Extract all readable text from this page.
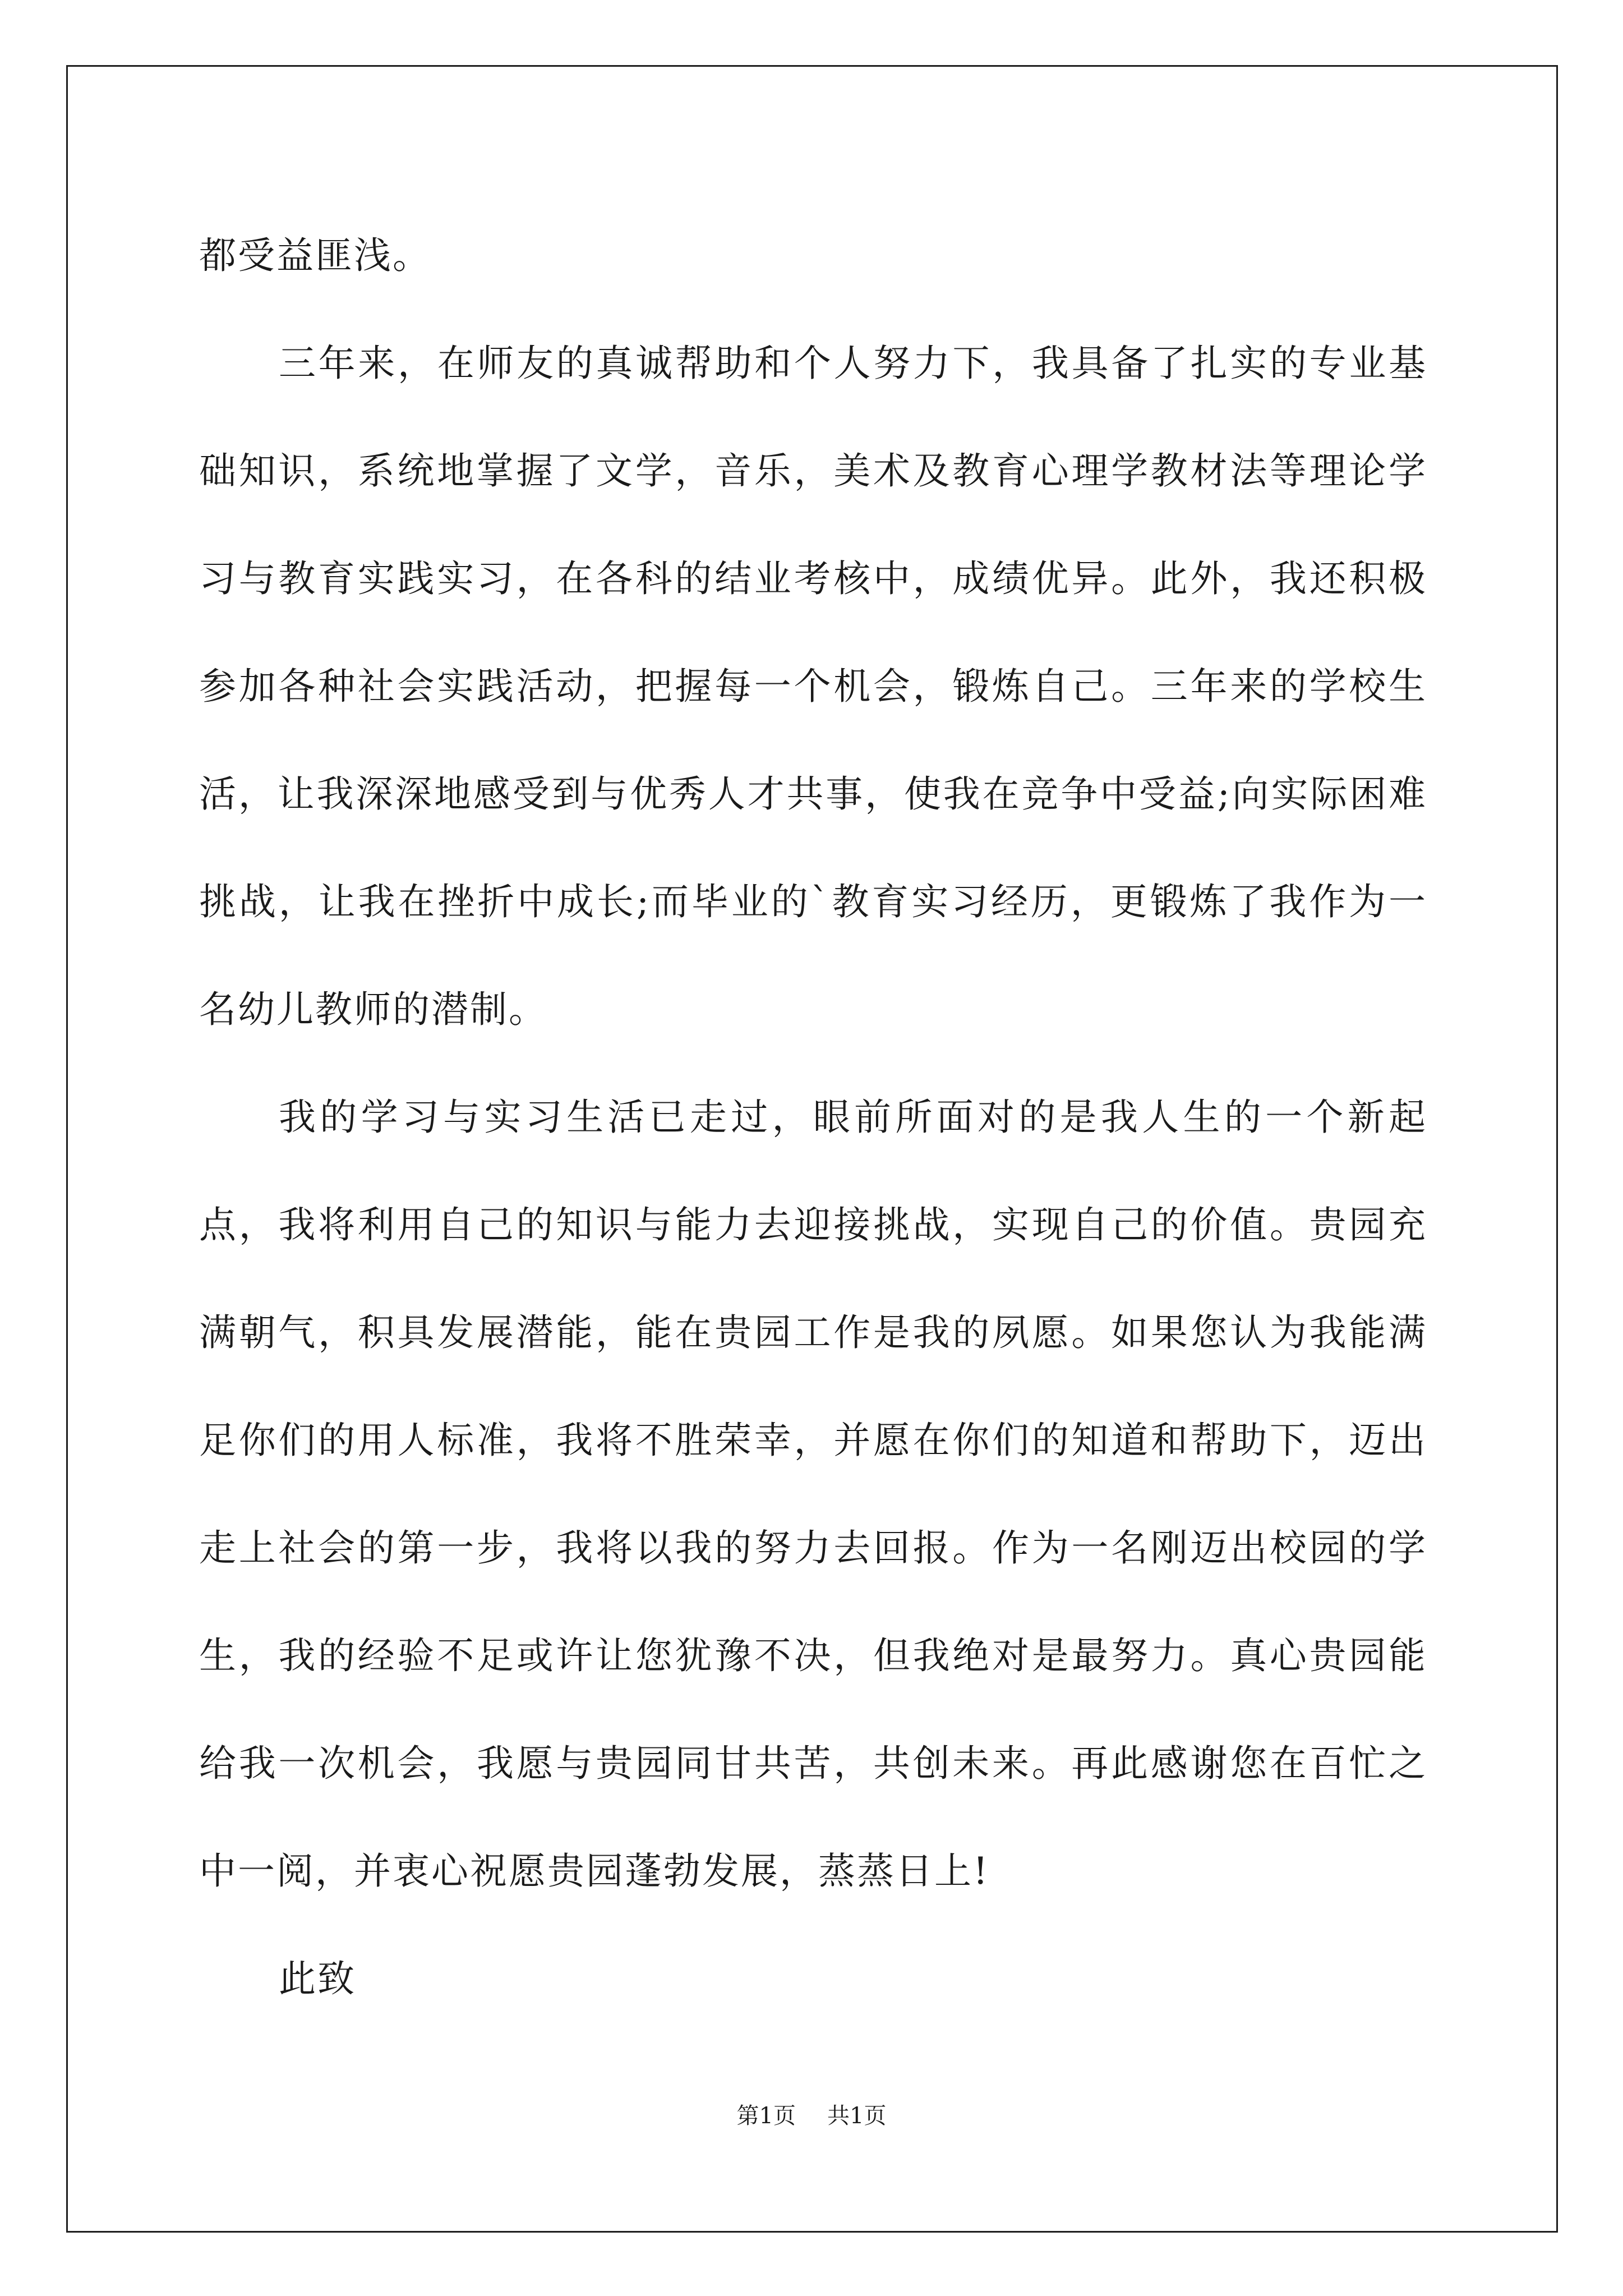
都受益匪浅。

三年来，在师友的真诚帮助和个人努力下，我具备了扎实的专业基础知识，系统地掌握了文学，音乐，美术及教育心理学教材法等理论学习与教育实践实习，在各科的结业考核中，成绩优异。此外，我还积极参加各种社会实践活动，把握每一个机会，锻炼自己。三年来的学校生活，让我深深地感受到与优秀人才共事，使我在竞争中受益;向实际困难挑战，让我在挫折中成长;而毕业的`教育实习经历，更锻炼了我作为一名幼儿教师的潜制。

我的学习与实习生活已走过，眼前所面对的是我人生的一个新起点，我将利用自己的知识与能力去迎接挑战，实现自己的价值。贵园充满朝气，积具发展潜能，能在贵园工作是我的夙愿。如果您认为我能满足你们的用人标准，我将不胜荣幸，并愿在你们的知道和帮助下，迈出走上社会的第一步，我将以我的努力去回报。作为一名刚迈出校园的学生，我的经验不足或许让您犹豫不决，但我绝对是最努力。真心贵园能给我一次机会，我愿与贵园同甘共苦，共创未来。再此感谢您在百忙之中一阅，并衷心祝愿贵园蓬勃发展，蒸蒸日上!

此致

第1页 共1页
